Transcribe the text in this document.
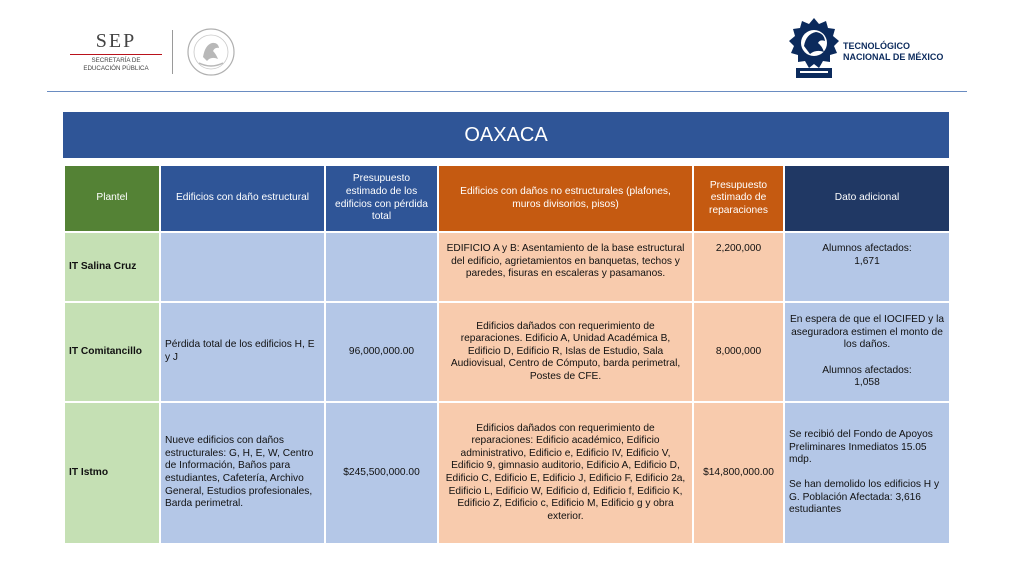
SEP
SECRETARÍA DE
EDUCACIÓN PÚBLICA
TECNOLÓGICO
NACIONAL DE MÉXICO
OAXACA
Plantel	Edificios con daño estructural	Presupuesto estimado de los edificios con pérdida total	Edificios con daños no estructurales (plafones, muros divisorios, pisos)	Presupuesto estimado de reparaciones	Dato adicional
IT Salina Cruz			EDIFICIO A y B: Asentamiento de la base estructural del edificio, agrietamientos en banquetas, techos y paredes, fisuras en escaleras y pasamanos.	2,200,000	Alumnos afectados:

1,671

IT Comitancillo	Pérdida total de los edificios H, E y J	96,000,000.00	Edificios dañados con requerimiento de reparaciones. Edificio A, Unidad Académica B, Edificio D, Edificio R, Islas de Estudio, Sala Audiovisual, Centro de Cómputo, barda perimetral, Postes de CFE.	8,000,000	En espera de que el IOCIFED y la aseguradora estimen el monto de los daños.

Alumnos afectados:

1,058

IT Istmo	Nueve edificios con daños estructurales: G, H, E, W, Centro de Información, Baños para estudiantes, Cafetería, Archivo General, Estudios profesionales, Barda perimetral.	$245,500,000.00	Edificios dañados con requerimiento de reparaciones: Edificio académico, Edificio administrativo, Edificio e, Edificio IV, Edificio V, Edificio 9, gimnasio auditorio, Edificio A, Edificio D, Edificio C, Edificio E, Edificio J, Edificio F, Edificio 2a, Edificio L, Edificio W, Edificio d, Edificio f, Edificio K, Edificio Z, Edificio c, Edificio M, Edificio g y obra exterior.	$14,800,000.00	Se recibió del Fondo de Apoyos Preliminares Inmediatos 15.05 mdp.

Se han demolido los edificios H y G. Población Afectada: 3,616 estudiantes
